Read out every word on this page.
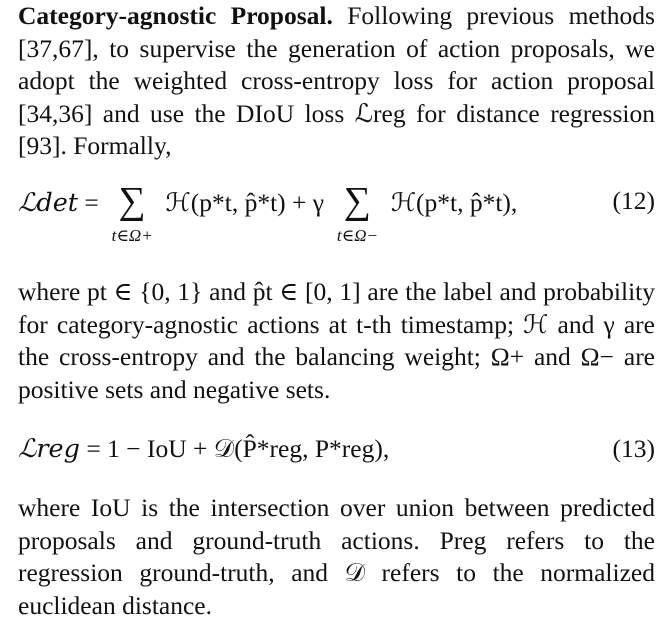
Category-agnostic Proposal. Following previous methods [37,67], to supervise the generation of action proposals, we adopt the weighted cross-entropy loss for action proposal [34,36] and use the DIoU loss ℒreg for distance regression [93]. Formally,

ℒdet = ∑
t∈Ω+
ℋ(p*t, p̂*t) + γ ∑
t∈Ω−
ℋ(p*t, p̂*t),	(12)

where pt ∈ {0, 1} and p̂t ∈ [0, 1] are the label and probability for category-agnostic actions at t-th timestamp; ℋ and γ are the cross-entropy and the balancing weight; Ω+ and Ω− are positive sets and negative sets.

ℒreg = 1 − IoU + 𝒟(P̂*reg, P*reg),	(13)

where IoU is the intersection over union between predicted proposals and ground-truth actions. Preg refers to the regression ground-truth, and 𝒟 refers to the normalized euclidean distance.
